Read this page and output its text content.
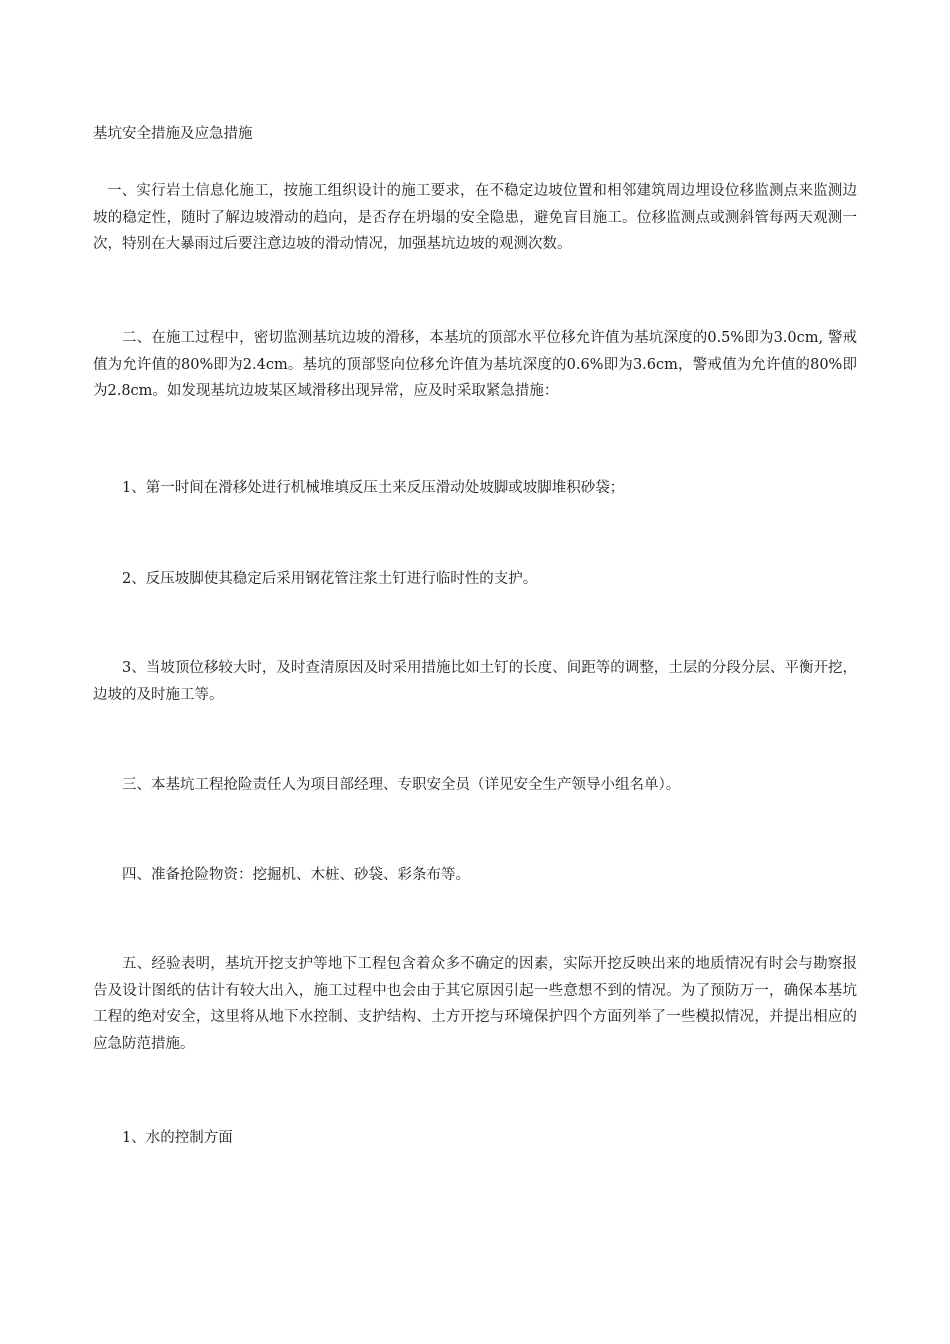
基坑安全措施及应急措施

一、实行岩土信息化施工，按施工组织设计的施工要求，在不稳定边坡位置和相邻建筑周边埋设位移监测点来监测边坡的稳定性，随时了解边坡滑动的趋向，是否存在坍塌的安全隐患，避免盲目施工。位移监测点或测斜管每两天观测一次，特别在大暴雨过后要注意边坡的滑动情况，加强基坑边坡的观测次数。

二、在施工过程中，密切监测基坑边坡的滑移，本基坑的顶部水平位移允许值为基坑深度的0.5%即为3.0cm, 警戒值为允许值的80%即为2.4cm。基坑的顶部竖向位移允许值为基坑深度的0.6%即为3.6cm，警戒值为允许值的80%即为2.8cm。如发现基坑边坡某区域滑移出现异常，应及时采取紧急措施：

1、第一时间在滑移处进行机械堆填反压土来反压滑动处坡脚或坡脚堆积砂袋；

2、反压坡脚使其稳定后采用钢花管注浆土钉进行临时性的支护。

3、当坡顶位移较大时，及时查清原因及时采用措施比如土钉的长度、间距等的调整，土层的分段分层、平衡开挖，边坡的及时施工等。

三、本基坑工程抢险责任人为项目部经理、专职安全员（详见安全生产领导小组名单）。

四、准备抢险物资：挖掘机、木桩、砂袋、彩条布等。

五、经验表明，基坑开挖支护等地下工程包含着众多不确定的因素，实际开挖反映出来的地质情况有时会与勘察报告及设计图纸的估计有较大出入，施工过程中也会由于其它原因引起一些意想不到的情况。为了预防万一，确保本基坑工程的绝对安全，这里将从地下水控制、支护结构、土方开挖与环境保护四个方面列举了一些模拟情况，并提出相应的应急防范措施。

1、水的控制方面
